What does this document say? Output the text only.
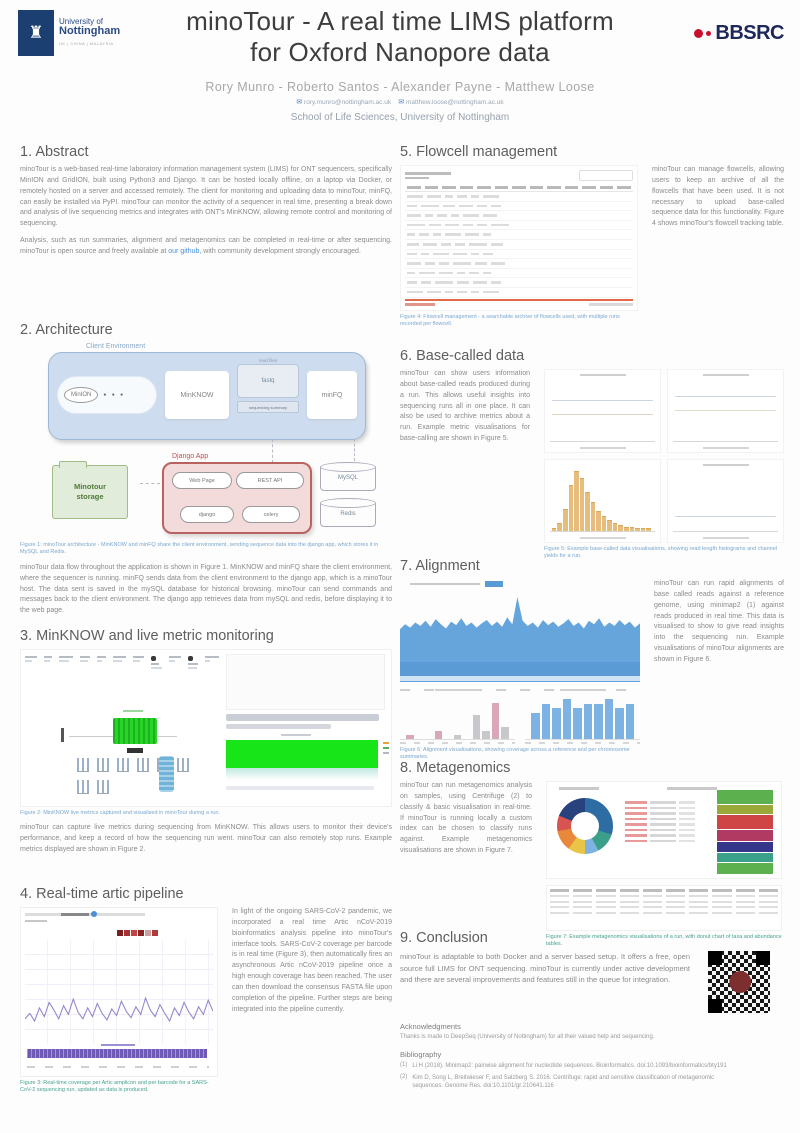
♜
University of
Nottingham
UK | CHINA | MALAYSIA
minoTour - A real time LIMS platform
for Oxford Nanopore data
BBSRC
Rory Munro - Roberto Santos - Alexander Payne - Matthew Loose
✉ rory.munro@nottingham.ac.uk ✉ matthew.loose@nottingham.ac.uk
School of Life Sciences, University of Nottingham
1. Abstract

minoTour is a web-based real-time laboratory information management system (LIMS) for ONT sequencers, specifically MinION and GridION, built using Python3 and Django. It can be hosted locally offline, on a laptop via Docker, or remotely hosted on a server and accessed remotely. The client for monitoring and uploading data to minoTour, minFQ, can easily be installed via PyPI. minoTour can monitor the activity of a sequencer in real time, presenting a break down and analysis of live sequencing metrics and integrates with ONT's MinKNOW, allowing remote control and monitoring of sequencing.

Analysis, such as run summaries, alignment and metagenomics can be completed in real-time or after sequencing. minoTour is open source and freely available at our github, with community development strongly encouraged.

2. Architecture
Client Environment
MinION	● ● ●	MinKNOW
read files
fastq
sequencing summary
minFQ
Django App
Web Page	REST API
django	celery
Minotour
storage
MySQL
Redis
Figure 1: minoTour architecture - MinKNOW and minFQ share the client environment, sending sequence data into the django app, which stores it in MySQL and Redis.

minoTour data flow throughout the application is shown in Figure 1. MinKNOW and minFQ share the client environment, where the sequencer is running. minFQ sends data from the client environment to the django app, which is a minoTour host. The data sent is saved in the mySQL database for historical browsing. minoTour can send commands and messages back to the client environment. The django app retrieves data from mySQL and redis, before displaying it to the web page.

3. MinKNOW and live metric monitoring
Figure 2: MinKNOW live metrics captured and visualised in minoTour during a run.

minoTour can capture live metrics during sequencing from MinKNOW. This allows users to monitor their device's performance, and keep a record of how the sequencing run went. minoTour can also remotely stop runs. Example metrics displayed are shown in Figure 2.

4. Real-time artic pipeline
Figure 3: Real-time coverage per Artic amplicon and per barcode for a SARS-CoV-2 sequencing run, updated as data is produced.

In light of the ongoing SARS-CoV-2 pandemic, we incorporated a real time Artic nCoV-2019 bioinformatics analysis pipeline into minoTour's interface tools. SARS-CoV-2 coverage per barcode is in real time (Figure 3), then automatically fires an asynchronous Artic nCoV-2019 pipeline once a high enough coverage has been reached. The user can then download the consensus FASTA file upon completion of the pipeline. Further steps are being integrated into the pipeline currently.

5. Flowcell management
Figure 4: Flowcell management - a searchable archive of flowcells used, with multiple runs recorded per flowcell.

minoTour can manage flowcells, allowing users to keep an archive of all the flowcells that have been used. It is not necessary to upload base-called sequence data for this functionality. Figure 4 shows minoTour's flowcell tracking table.

6. Base-called data

minoTour can show users information about base-called reads produced during a run. This allows useful insights into sequencing runs all in one place. It can also be used to archive metrics about a run. Example metric visualisations for base-calling are shown in Figure 5.

Figure 5: Example base-called data visualisations, showing read length histograms and channel yields for a run.
7. Alignment
Figure 6: Alignment visualisations, showing coverage across a reference and per chromosome summaries.

minoTour can run rapid alignments of base called reads against a reference genome, using minimap2 (1) against reads produced in real time. This data is visualised to show to give read insights into the sequencing run. Example visualisations of minoTour alignments are shown in Figure 6.

8. Metagenomics

minoTour can run metagenomics analysis on samples, using Centrifuge (2) to classify & basic visualisation in real-time. If minoTour is running locally a custom index can be chosen to classify runs against. Example metagenomics visualisations are shown in Figure 7.

Figure 7: Example metagenomics visualisations of a run, with donut chart of taxa and abundance tables.
9. Conclusion

minoTour is adaptable to both Docker and a server based setup. It offers a free, open source full LIMS for ONT sequencing. minoTour is currently under active development and there are several improvements and features still in the queue for integration.

Acknowledgments

Thanks is made to DeepSeq (University of Nottingham) for all their valued help and sequencing.

Bibliography
(1) Li H (2018). Minimap2: pairwise alignment for nucleotide sequences. Bioinformatics. doi:10.1093/bioinformatics/bty191

(2) Kim D, Song L, Breitwieser F, and Salzberg S. 2016. Centrifuge: rapid and sensitive classification of metagenomic sequences. Genome Res. doi:10.1101/gr.210641.116
